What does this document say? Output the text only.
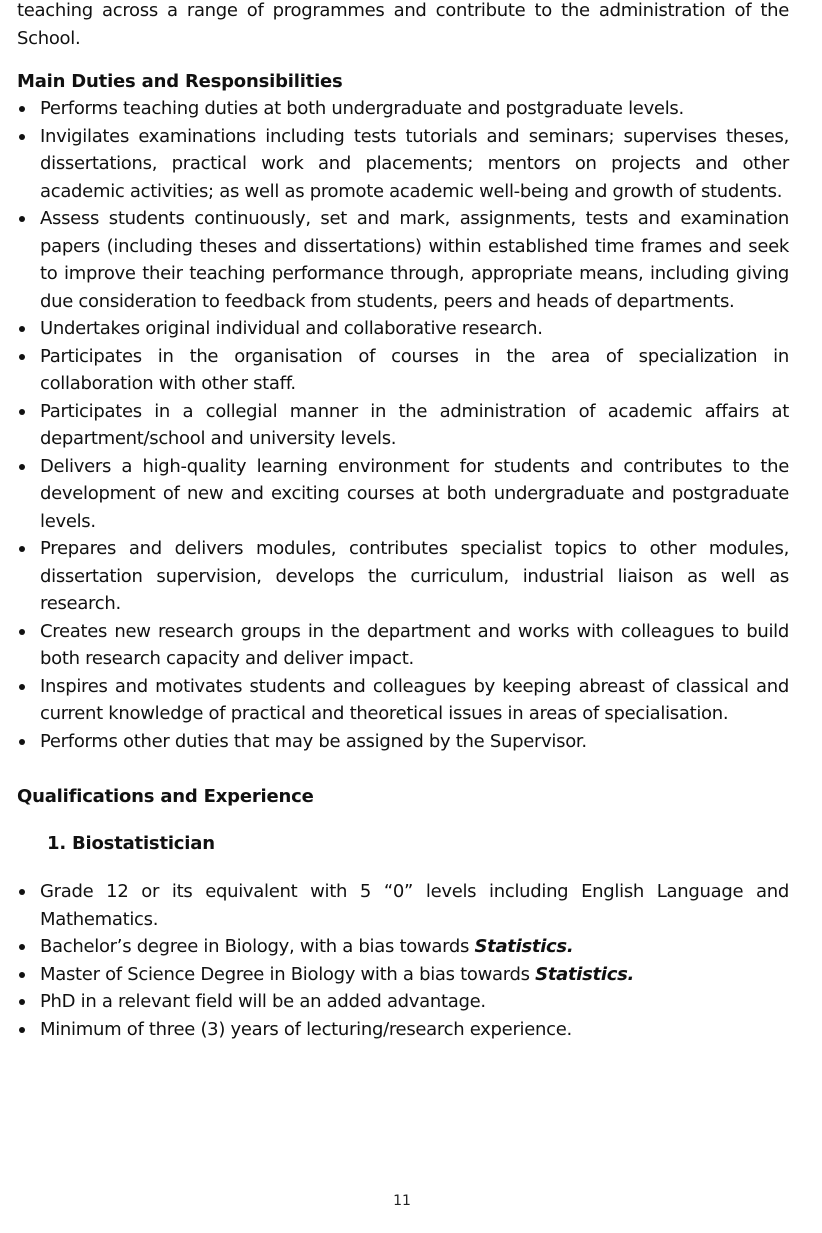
teaching across a range of programmes and contribute to the administration of the School.

Main Duties and Responsibilities
Performs teaching duties at both undergraduate and postgraduate levels.
Invigilates examinations including tests tutorials and seminars; supervises theses, dissertations, practical work and placements; mentors on projects and other academic activities; as well as promote academic well-being and growth of students.
Assess students continuously, set and mark, assignments, tests and examination papers (including theses and dissertations) within established time frames and seek to improve their teaching performance through, appropriate means, including giving due consideration to feedback from students, peers and heads of departments.
Undertakes original individual and collaborative research.
Participates in the organisation of courses in the area of specialization in collaboration with other staff.
Participates in a collegial manner in the administration of academic affairs at department/school and university levels.
Delivers a high-quality learning environment for students and contributes to the development of new and exciting courses at both undergraduate and postgraduate levels.
Prepares and delivers modules, contributes specialist topics to other modules, dissertation supervision, develops the curriculum, industrial liaison as well as research.
Creates new research groups in the department and works with colleagues to build both research capacity and deliver impact.
Inspires and motivates students and colleagues by keeping abreast of classical and current knowledge of practical and theoretical issues in areas of specialisation.
Performs other duties that may be assigned by the Supervisor.
Qualifications and Experience
1. Biostatistician
Grade 12 or its equivalent with 5 “0” levels including English Language and Mathematics.
Bachelor’s degree in Biology, with a bias towards Statistics.
Master of Science Degree in Biology with a bias towards Statistics.
PhD in a relevant field will be an added advantage.
Minimum of three (3) years of lecturing/research experience.
11
